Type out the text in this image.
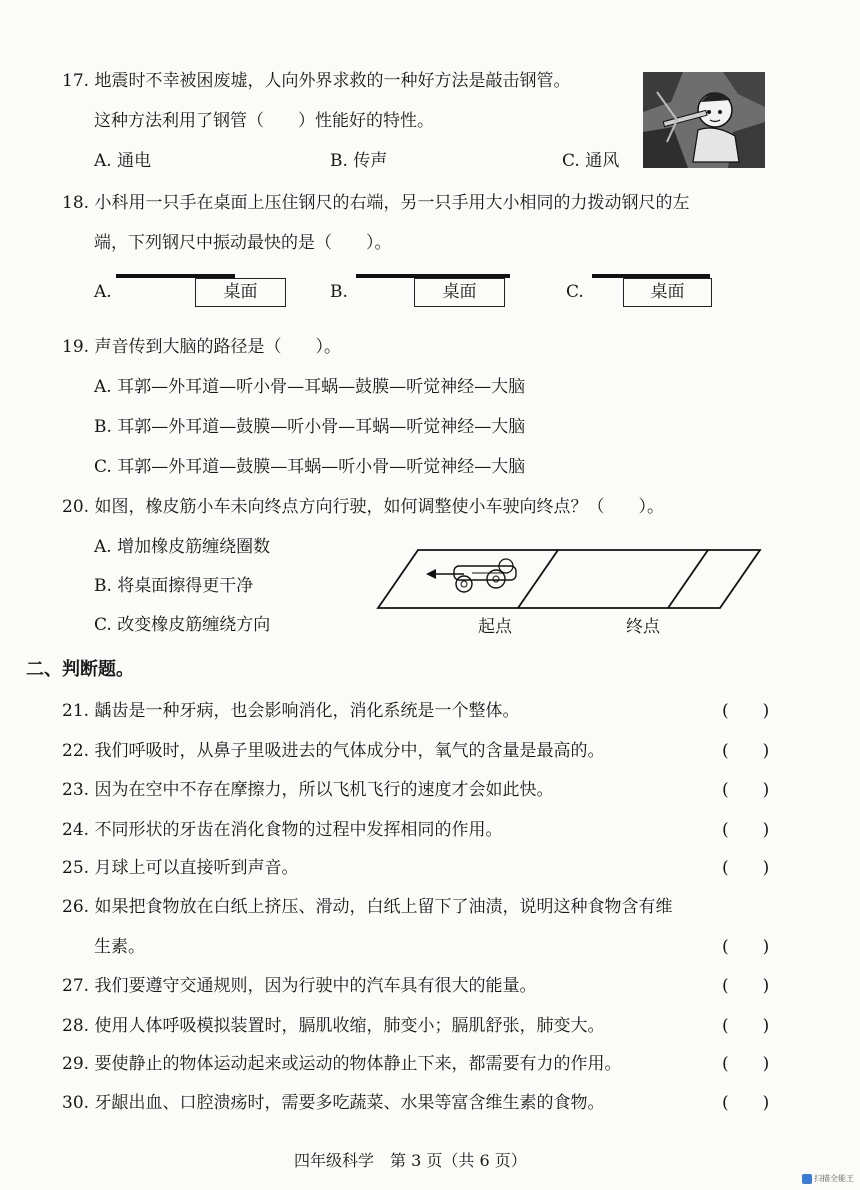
17. 地震时不幸被困废墟，人向外界求救的一种好方法是敲击钢管。
这种方法利用了钢管（　　）性能好的特性。
A. 通电	B. 传声	C. 通风
18. 小科用一只手在桌面上压住钢尺的右端，另一只手用大小相同的力拨动钢尺的左
端，下列钢尺中振动最快的是（　　）。
A.	桌面	B.	桌面	C.	桌面
19. 声音传到大脑的路径是（　　）。
A. 耳郭—外耳道—听小骨—耳蜗—鼓膜—听觉神经—大脑
B. 耳郭—外耳道—鼓膜—听小骨—耳蜗—听觉神经—大脑
C. 耳郭—外耳道—鼓膜—耳蜗—听小骨—听觉神经—大脑
20. 如图，橡皮筋小车未向终点方向行驶，如何调整使小车驶向终点？（　　）。
A. 增加橡皮筋缠绕圈数
B. 将桌面擦得更干净
C. 改变橡皮筋缠绕方向	起点	终点
二、判断题。
21. 龋齿是一种牙病，也会影响消化，消化系统是一个整体。	(　　)
22. 我们呼吸时，从鼻子里吸进去的气体成分中，氧气的含量是最高的。	(　　)
23. 因为在空中不存在摩擦力，所以飞机飞行的速度才会如此快。	(　　)
24. 不同形状的牙齿在消化食物的过程中发挥相同的作用。	(　　)
25. 月球上可以直接听到声音。	(　　)
26. 如果把食物放在白纸上挤压、滑动，白纸上留下了油渍，说明这种食物含有维
生素。	(　　)
27. 我们要遵守交通规则，因为行驶中的汽车具有很大的能量。	(　　)
28. 使用人体呼吸模拟装置时，膈肌收缩，肺变小；膈肌舒张，肺变大。	(　　)
29. 要使静止的物体运动起来或运动的物体静止下来，都需要有力的作用。	(　　)
30. 牙龈出血、口腔溃疡时，需要多吃蔬菜、水果等富含维生素的食物。	(　　)
四年级科学　第 3 页（共 6 页）
扫描全能王
